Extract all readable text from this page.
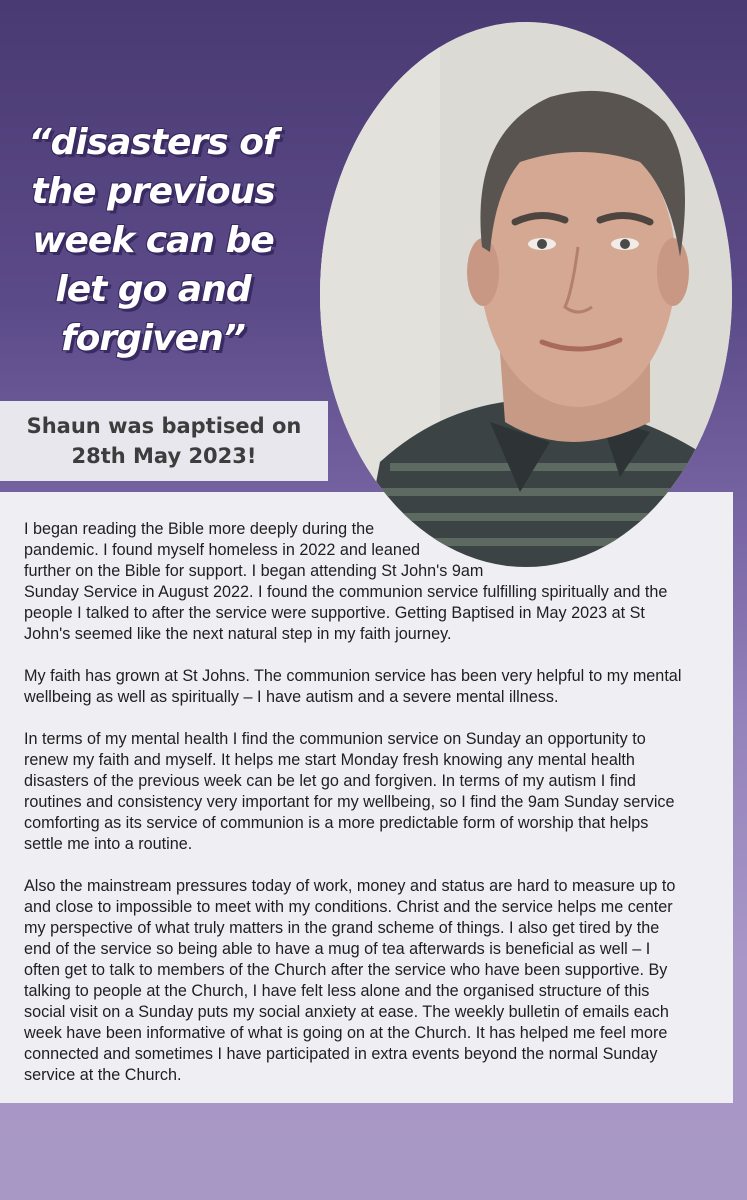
“disasters of
the previous
week can be
let go and
forgiven”
Shaun was baptised on
28th May 2023!

I began reading the Bible more deeply during the
pandemic. I found myself homeless in 2022 and leaned
further on the Bible for support. I began attending St John's 9am
Sunday Service in August 2022. I found the communion service fulfilling spiritually and the
people I talked to after the service were supportive. Getting Baptised in May 2023 at St
John's seemed like the next natural step in my faith journey.

My faith has grown at St Johns. The communion service has been very helpful to my mental
wellbeing as well as spiritually – I have autism and a severe mental illness.

In terms of my mental health I find the communion service on Sunday an opportunity to
renew my faith and myself. It helps me start Monday fresh knowing any mental health
disasters of the previous week can be let go and forgiven. In terms of my autism I find
routines and consistency very important for my wellbeing, so I find the 9am Sunday service
comforting as its service of communion is a more predictable form of worship that helps
settle me into a routine.

Also the mainstream pressures today of work, money and status are hard to measure up to
and close to impossible to meet with my conditions. Christ and the service helps me center
my perspective of what truly matters in the grand scheme of things. I also get tired by the
end of the service so being able to have a mug of tea afterwards is beneficial as well – I
often get to talk to members of the Church after the service who have been supportive. By
talking to people at the Church, I have felt less alone and the organised structure of this
social visit on a Sunday puts my social anxiety at ease. The weekly bulletin of emails each
week have been informative of what is going on at the Church. It has helped me feel more
connected and sometimes I have participated in extra events beyond the normal Sunday
service at the Church.
